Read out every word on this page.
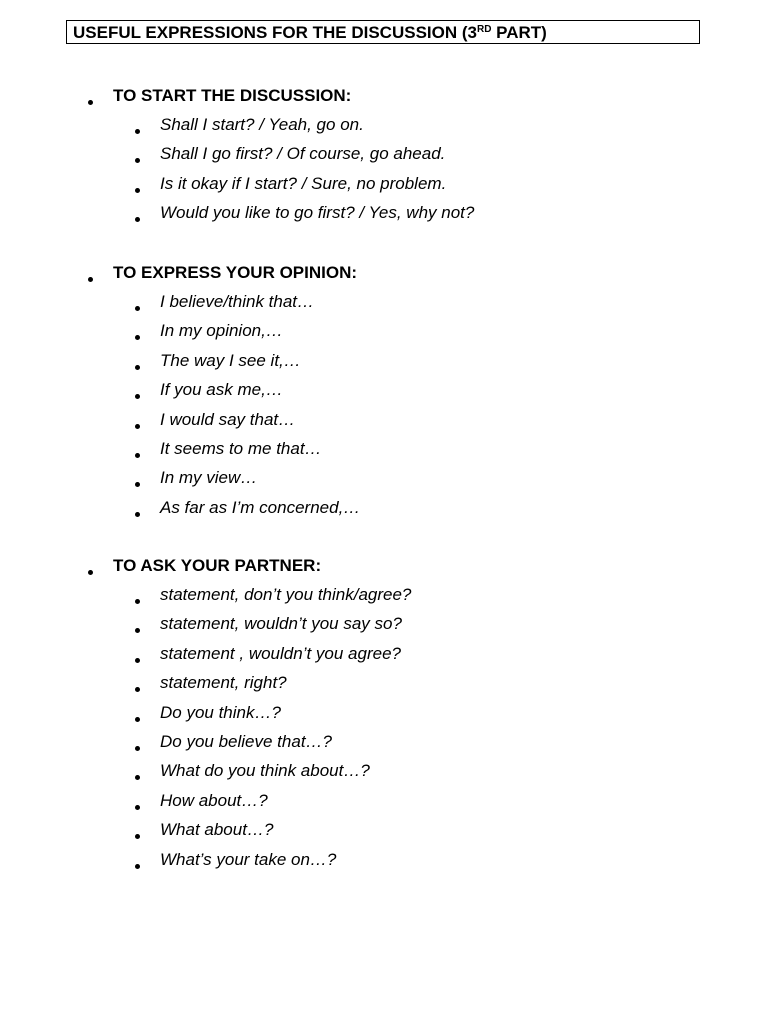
USEFUL EXPRESSIONS FOR THE DISCUSSION (3RD PART)
TO START THE DISCUSSION:
Shall I start? / Yeah, go on.
Shall I go first? / Of course, go ahead.
Is it okay if I start? / Sure, no problem.
Would you like to go first? / Yes, why not?
TO EXPRESS YOUR OPINION:
I believe/think that…
In my opinion,…
The way I see it,…
If you ask me,…
I would say that…
It seems to me that…
In my view…
As far as I’m concerned,…
TO ASK YOUR PARTNER:
statement, don’t you think/agree?
statement, wouldn’t you say so?
statement , wouldn’t you agree?
statement, right?
Do you think…?
Do you believe that…?
What do you think about…?
How about…?
What about…?
What’s your take on…?
